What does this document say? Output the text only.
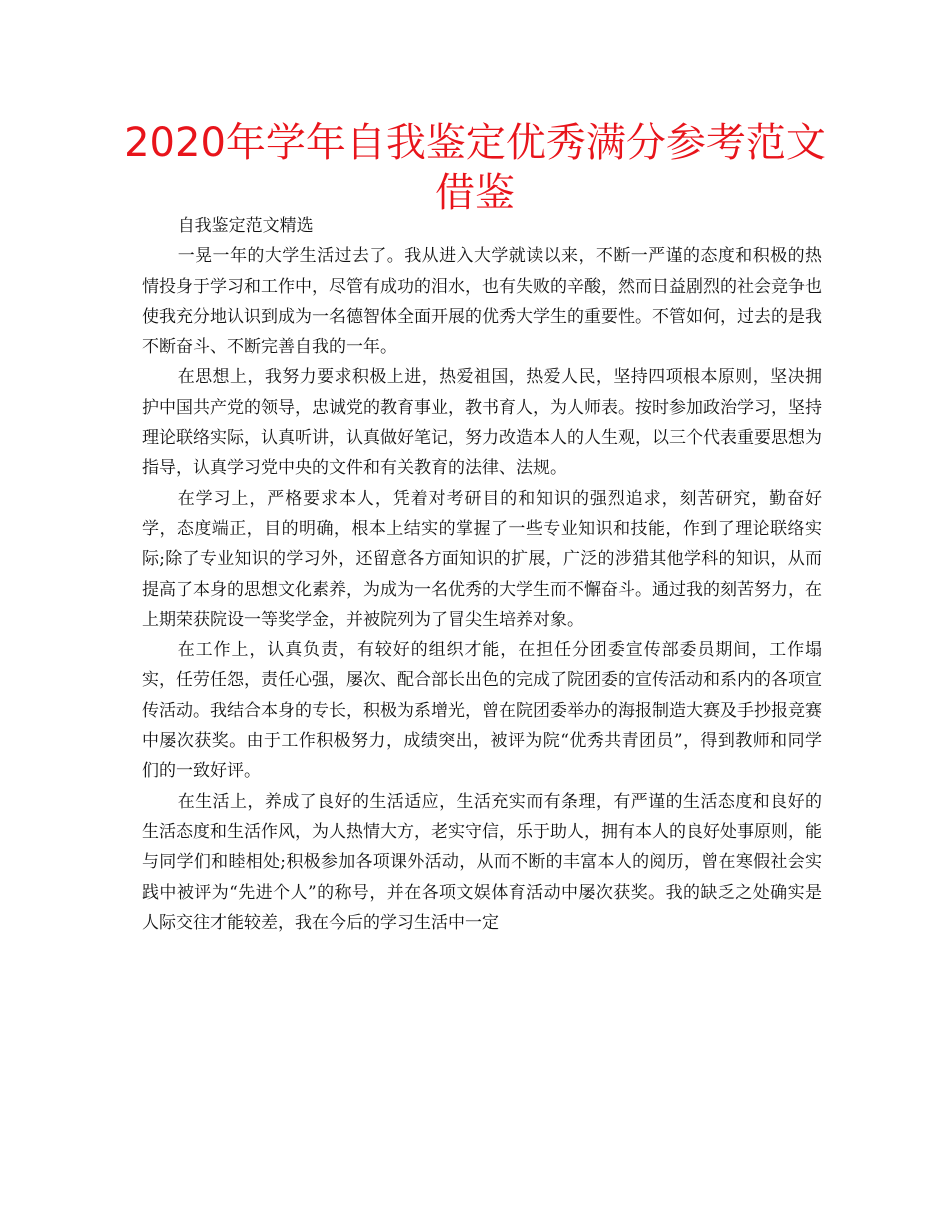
2020年学年自我鉴定优秀满分参考范文借鉴

自我鉴定范文精选

一晃一年的大学生活过去了。我从进入大学就读以来，不断一严谨的态度和积极的热情投身于学习和工作中，尽管有成功的泪水，也有失败的辛酸，然而日益剧烈的社会竞争也使我充分地认识到成为一名德智体全面开展的优秀大学生的重要性。不管如何，过去的是我不断奋斗、不断完善自我的一年。

在思想上，我努力要求积极上进，热爱祖国，热爱人民，坚持四项根本原则，坚决拥护中国共产党的领导，忠诚党的教育事业，教书育人，为人师表。按时参加政治学习，坚持理论联络实际，认真听讲，认真做好笔记，努力改造本人的人生观，以三个代表重要思想为指导，认真学习党中央的文件和有关教育的法律、法规。

在学习上，严格要求本人，凭着对考研目的和知识的强烈追求，刻苦研究，勤奋好学，态度端正，目的明确，根本上结实的掌握了一些专业知识和技能，作到了理论联络实际;除了专业知识的学习外，还留意各方面知识的扩展，广泛的涉猎其他学科的知识，从而提高了本身的思想文化素养，为成为一名优秀的大学生而不懈奋斗。通过我的刻苦努力，在上期荣获院设一等奖学金，并被院列为了冒尖生培养对象。

在工作上，认真负责，有较好的组织才能，在担任分团委宣传部委员期间，工作塌实，任劳任怨，责任心强，屡次、配合部长出色的完成了院团委的宣传活动和系内的各项宣传活动。我结合本身的专长，积极为系增光，曾在院团委举办的海报制造大赛及手抄报竞赛中屡次获奖。由于工作积极努力，成绩突出，被评为院“优秀共青团员”，得到教师和同学们的一致好评。

在生活上，养成了良好的生活适应，生活充实而有条理，有严谨的生活态度和良好的生活态度和生活作风，为人热情大方，老实守信，乐于助人，拥有本人的良好处事原则，能与同学们和睦相处;积极参加各项课外活动，从而不断的丰富本人的阅历，曾在寒假社会实践中被评为“先进个人”的称号，并在各项文娱体育活动中屡次获奖。我的缺乏之处确实是人际交往才能较差，我在今后的学习生活中一定
